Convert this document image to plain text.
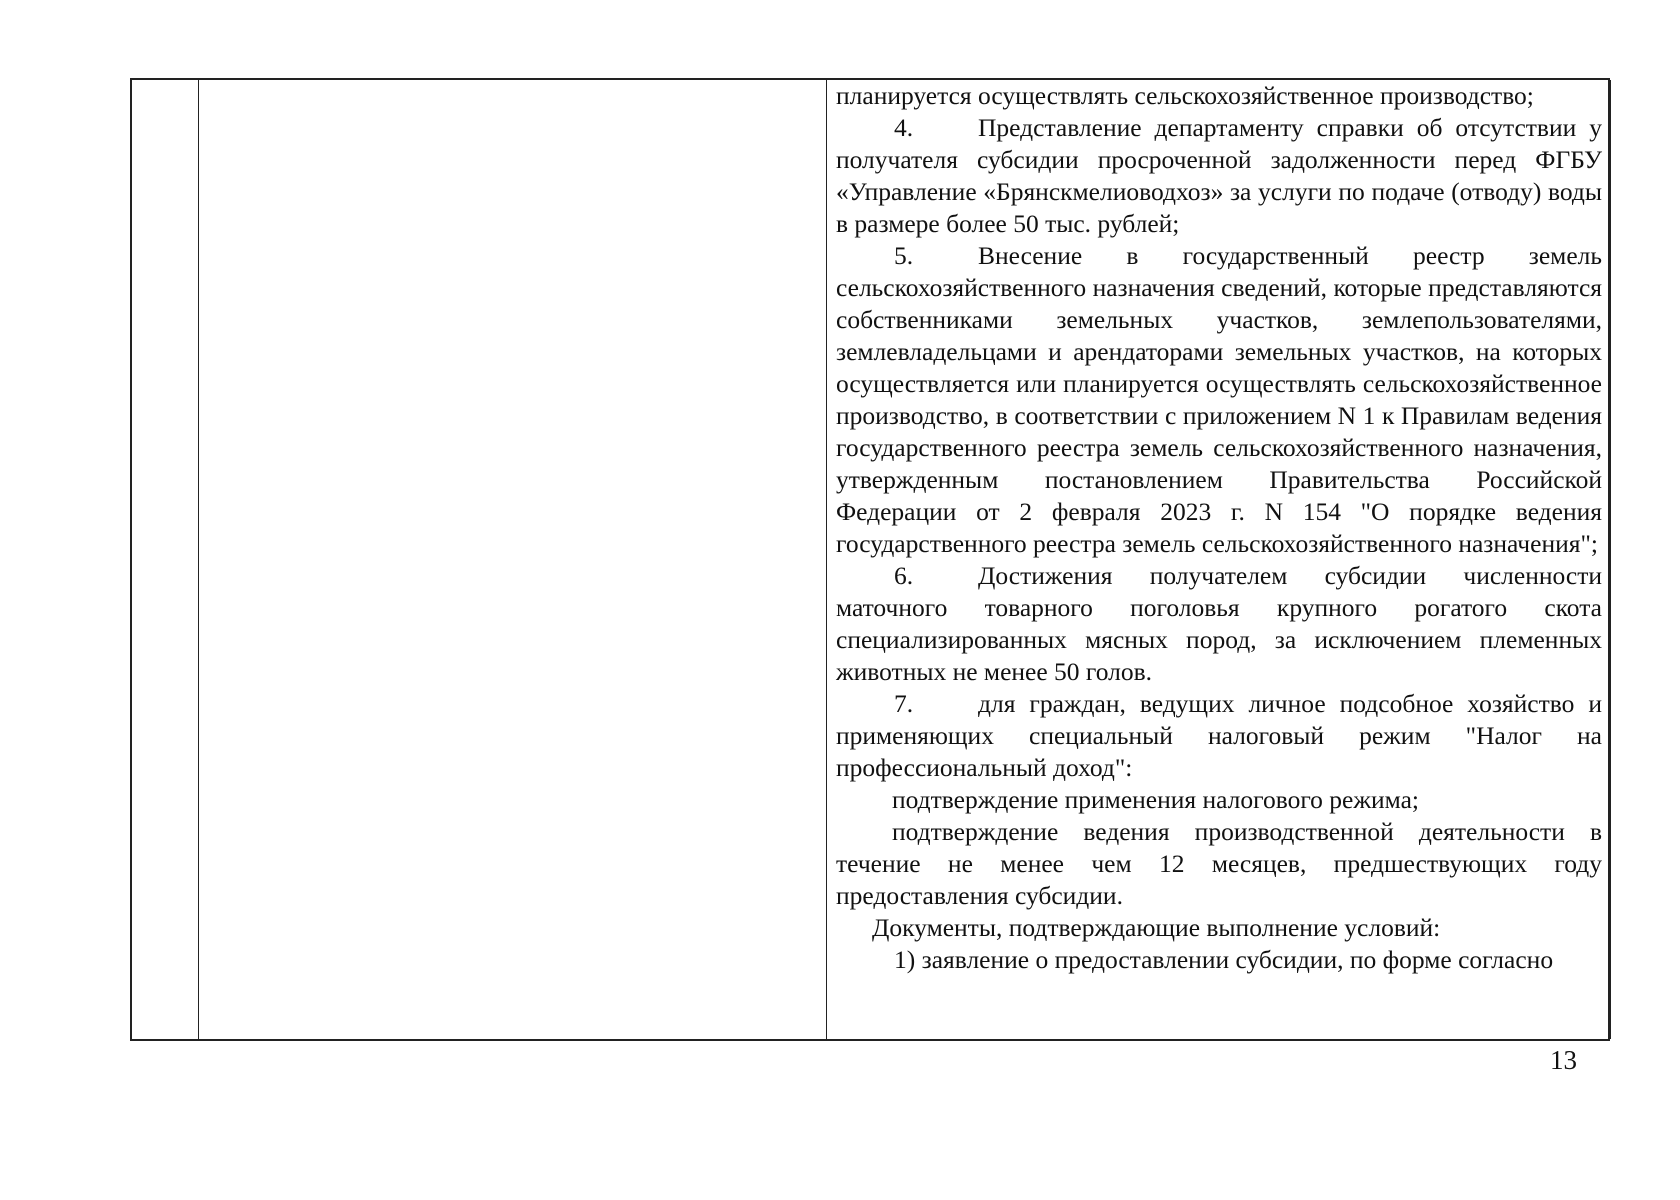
планируется осуществлять сельскохозяйственное производство;

4.	Представление департаменту справки об отсутствии у получателя субсидии просроченной задолженности перед ФГБУ «Управление «Брянскмелиоводхоз» за услуги по подаче (отводу) воды в размере более 50 тыс. рублей;

5.	Внесение в государственный реестр земель сельскохозяйственного назначения сведений, которые представляются собственниками земельных участков, землепользователями, землевладельцами и арендаторами земельных участков, на которых осуществляется или планируется осуществлять сельскохозяйственное производство, в соответствии с приложением N 1 к Правилам ведения государственного реестра земель сельскохозяйственного назначения, утвержденным постановлением Правительства Российской Федерации от 2 февраля 2023 г. N 154 "О порядке ведения государственного реестра земель сельскохозяйственного назначения";

6.	Достижения получателем субсидии численности маточного товарного поголовья крупного рогатого скота специализированных мясных пород, за исключением племенных животных не менее 50 голов.

7.	для граждан, ведущих личное подсобное хозяйство и применяющих специальный налоговый режим "Налог на профессиональный доход":

подтверждение применения налогового режима;

подтверждение ведения производственной деятельности в течение не менее чем 12 месяцев, предшествующих году предоставления субсидии.

Документы, подтверждающие выполнение условий:

1) заявление о предоставлении субсидии, по форме согласно

13
